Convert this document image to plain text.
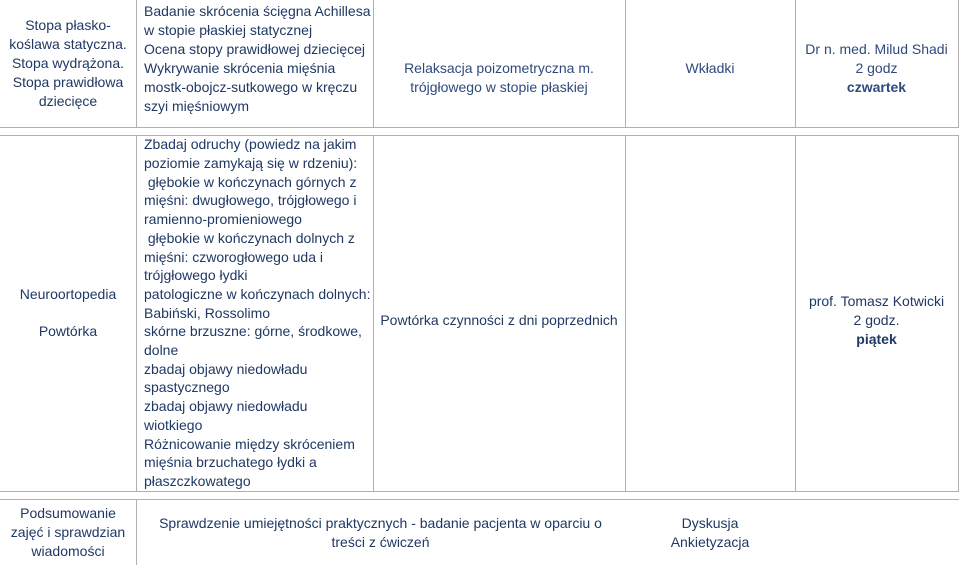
Stopa płasko-
koślawa statyczna.
Stopa wydrążona.
Stopa prawidłowa
dziecięce
Badanie skrócenia ścięgna Achillesa
w stopie płaskiej statycznej
Ocena stopy prawidłowej dziecięcej
Wykrywanie skrócenia mięśnia
mostk-obojcz-sutkowego w kręczu
szyi mięśniowym
Relaksacja poizometryczna m.
trójgłowego w stopie płaskiej
Wkładki
Dr n. med. Milud Shadi
2 godz
czwartek
Neuroortopedia
Powtórka
Zbadaj odruchy (powiedz na jakim
poziomie zamykają się w rdzeniu):
głębokie w kończynach górnych z
mięśni: dwugłowego, trójgłowego i
ramienno-promieniowego
głębokie w kończynach dolnych z
mięśni: czworogłowego uda i
trójgłowego łydki
patologiczne w kończynach dolnych:
Babiński, Rossolimo
skórne brzuszne: górne, środkowe,
dolne
zbadaj objawy niedowładu
spastycznego
zbadaj objawy niedowładu
wiotkiego
Różnicowanie między skróceniem
mięśnia brzuchatego łydki a
płaszczkowatego
Powtórka czynności z dni poprzednich
prof. Tomasz Kotwicki
2 godz.
piątek
Podsumowanie
zajęć i sprawdzian
wiadomości
Sprawdzenie umiejętności praktycznych - badanie pacjenta w oparciu o
treści z ćwiczeń
Dyskusja
Ankietyzacja
